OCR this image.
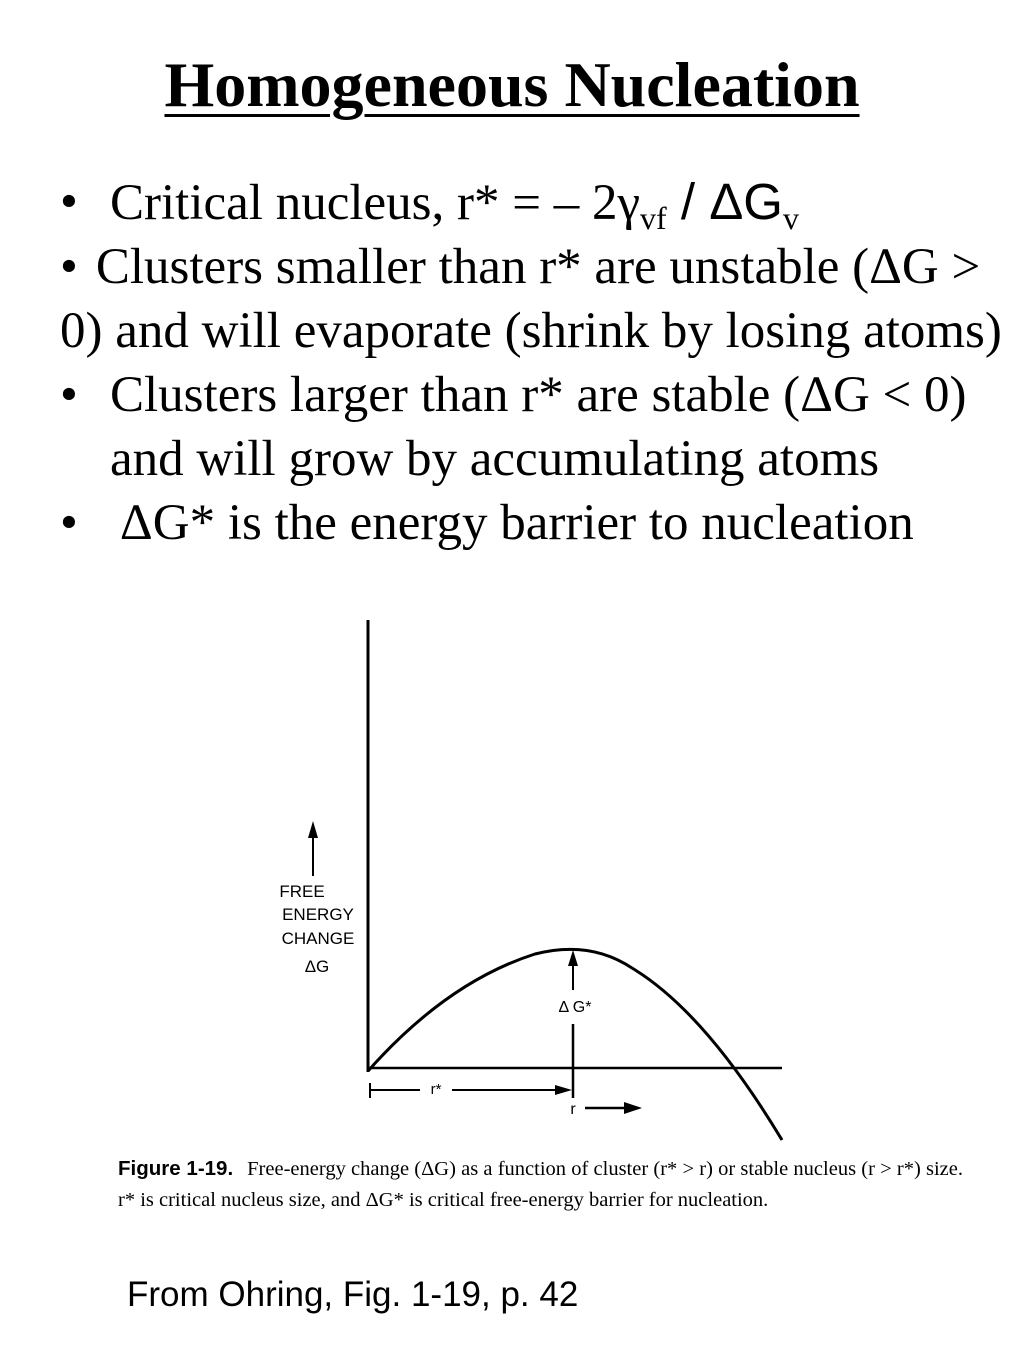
Homogeneous Nucleation
• Critical nucleus, r* = – $2\gamma_{vf} / \Delta G_v$
• Clusters smaller than r* are unstable (ΔG > 0) and will evaporate (shrink by losing atoms)
• Clusters larger than r* are stable (ΔG < 0) and will grow by accumulating atoms
• ΔG* is the energy barrier to nucleation
FREE
ENERGY
CHANGE
ΔG
Δ G*
r*
r
Figure 1-19. Free-energy change (ΔG) as a function of cluster (r* > r) or stable nucleus (r > r*) size. r* is critical nucleus size, and ΔG* is critical free-energy barrier for nucleation.
From Ohring, Fig. 1-19, p. 42
